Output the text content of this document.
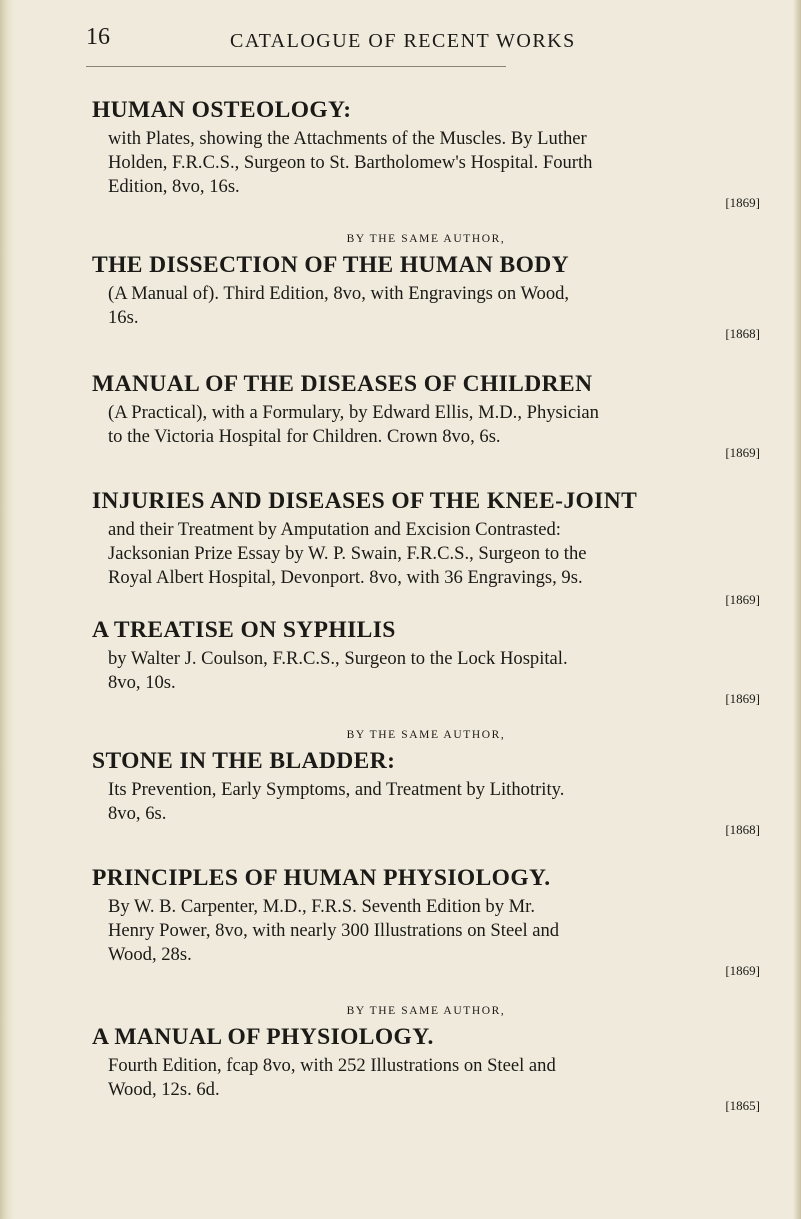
16	CATALOGUE OF RECENT WORKS
HUMAN OSTEOLOGY:
with Plates, showing the Attachments of the Muscles. By Luther
Holden, F.R.C.S., Surgeon to St. Bartholomew's Hospital. Fourth
Edition, 8vo, 16s.
[1869]
BY THE SAME AUTHOR,
THE DISSECTION OF THE HUMAN BODY
(A Manual of). Third Edition, 8vo, with Engravings on Wood,
16s.
[1868]
MANUAL OF THE DISEASES OF CHILDREN
(A Practical), with a Formulary, by Edward Ellis, M.D., Physician
to the Victoria Hospital for Children. Crown 8vo, 6s.
[1869]
INJURIES AND DISEASES OF THE KNEE-JOINT
and their Treatment by Amputation and Excision Contrasted:
Jacksonian Prize Essay by W. P. Swain, F.R.C.S., Surgeon to the
Royal Albert Hospital, Devonport. 8vo, with 36 Engravings, 9s.
[1869]
A TREATISE ON SYPHILIS
by Walter J. Coulson, F.R.C.S., Surgeon to the Lock Hospital.
8vo, 10s.
[1869]
BY THE SAME AUTHOR,
STONE IN THE BLADDER:
Its Prevention, Early Symptoms, and Treatment by Lithotrity.
8vo, 6s.
[1868]
PRINCIPLES OF HUMAN PHYSIOLOGY.
By W. B. Carpenter, M.D., F.R.S. Seventh Edition by Mr.
Henry Power, 8vo, with nearly 300 Illustrations on Steel and
Wood, 28s.
[1869]
BY THE SAME AUTHOR,
A MANUAL OF PHYSIOLOGY.
Fourth Edition, fcap 8vo, with 252 Illustrations on Steel and
Wood, 12s. 6d.
[1865]
